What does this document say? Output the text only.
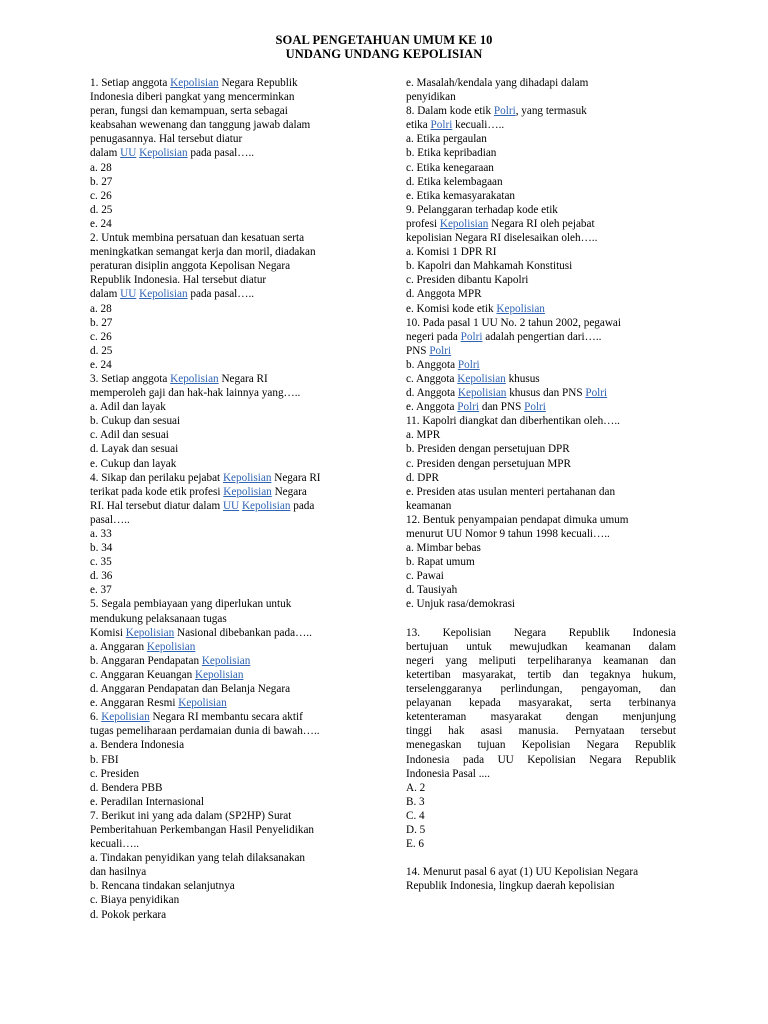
SOAL PENGETAHUAN UMUM KE 10
UNDANG UNDANG KEPOLISIAN
1. Setiap anggota Kepolisian Negara Republik
Indonesia diberi pangkat yang mencerminkan
peran, fungsi dan kemampuan, serta sebagai
keabsahan wewenang dan tanggung jawab dalam
penugasannya. Hal tersebut diatur
dalam UU Kepolisian pada pasal…..
a. 28
b. 27
c. 26
d. 25
e. 24
2. Untuk membina persatuan dan kesatuan serta
meningkatkan semangat kerja dan moril, diadakan
peraturan disiplin anggota Kepolisan Negara
Republik Indonesia. Hal tersebut diatur
dalam UU Kepolisian pada pasal…..
a. 28
b. 27
c. 26
d. 25
e. 24
3. Setiap anggota Kepolisian Negara RI
memperoleh gaji dan hak-hak lainnya yang…..
a. Adil dan layak
b. Cukup dan sesuai
c. Adil dan sesuai
d. Layak dan sesuai
e. Cukup dan layak
4. Sikap dan perilaku pejabat Kepolisian Negara RI
terikat pada kode etik profesi Kepolisian Negara
RI. Hal tersebut diatur dalam UU Kepolisian pada
pasal…..
a. 33
b. 34
c. 35
d. 36
e. 37
5. Segala pembiayaan yang diperlukan untuk
mendukung pelaksanaan tugas
Komisi Kepolisian Nasional dibebankan pada…..
a. Anggaran Kepolisian
b. Anggaran Pendapatan Kepolisian
c. Anggaran Keuangan Kepolisian
d. Anggaran Pendapatan dan Belanja Negara
e. Anggaran Resmi Kepolisian
6. Kepolisian Negara RI membantu secara aktif
tugas pemeliharaan perdamaian dunia di bawah…..
a. Bendera Indonesia
b. FBI
c. Presiden
d. Bendera PBB
e. Peradilan Internasional
7. Berikut ini yang ada dalam (SP2HP) Surat
Pemberitahuan Perkembangan Hasil Penyelidikan
kecuali…..
a. Tindakan penyidikan yang telah dilaksanakan
dan hasilnya
b. Rencana tindakan selanjutnya
c. Biaya penyidikan
d. Pokok perkara
e. Masalah/kendala yang dihadapi dalam
penyidikan
8. Dalam kode etik Polri, yang termasuk
etika Polri kecuali…..
a. Etika pergaulan
b. Etika kepribadian
c. Etika kenegaraan
d. Etika kelembagaan
e. Etika kemasyarakatan
9. Pelanggaran terhadap kode etik
profesi Kepolisian Negara RI oleh pejabat
kepolisian Negara RI diselesaikan oleh…..
a. Komisi 1 DPR RI
b. Kapolri dan Mahkamah Konstitusi
c. Presiden dibantu Kapolri
d. Anggota MPR
e. Komisi kode etik Kepolisian
10. Pada pasal 1 UU No. 2 tahun 2002, pegawai
negeri pada Polri adalah pengertian dari…..
PNS Polri
b. Anggota Polri
c. Anggota Kepolisian khusus
d. Anggota Kepolisian khusus dan PNS Polri
e. Anggota Polri dan PNS Polri
11. Kapolri diangkat dan diberhentikan oleh…..
a. MPR
b. Presiden dengan persetujuan DPR
c. Presiden dengan persetujuan MPR
d. DPR
e. Presiden atas usulan menteri pertahanan dan
keamanan
12. Bentuk penyampaian pendapat dimuka umum
menurut UU Nomor 9 tahun 1998 kecuali…..
a. Mimbar bebas
b. Rapat umum
c. Pawai
d. Tausiyah
e. Unjuk rasa/demokrasi
13. Kepolisian Negara Republik Indonesia
bertujuan untuk mewujudkan keamanan dalam
negeri yang meliputi terpeliharanya keamanan dan
ketertiban masyarakat, tertib dan tegaknya hukum,
terselenggaranya perlindungan, pengayoman, dan
pelayanan kepada masyarakat, serta terbinanya
ketenteraman masyarakat dengan menjunjung
tinggi hak asasi manusia. Pernyataan tersebut
menegaskan tujuan Kepolisian Negara Republik
Indonesia pada UU Kepolisian Negara Republik
Indonesia Pasal ....
A. 2
B. 3
C. 4
D. 5
E. 6
14. Menurut pasal 6 ayat (1) UU Kepolisian Negara
Republik Indonesia, lingkup daerah kepolisian
